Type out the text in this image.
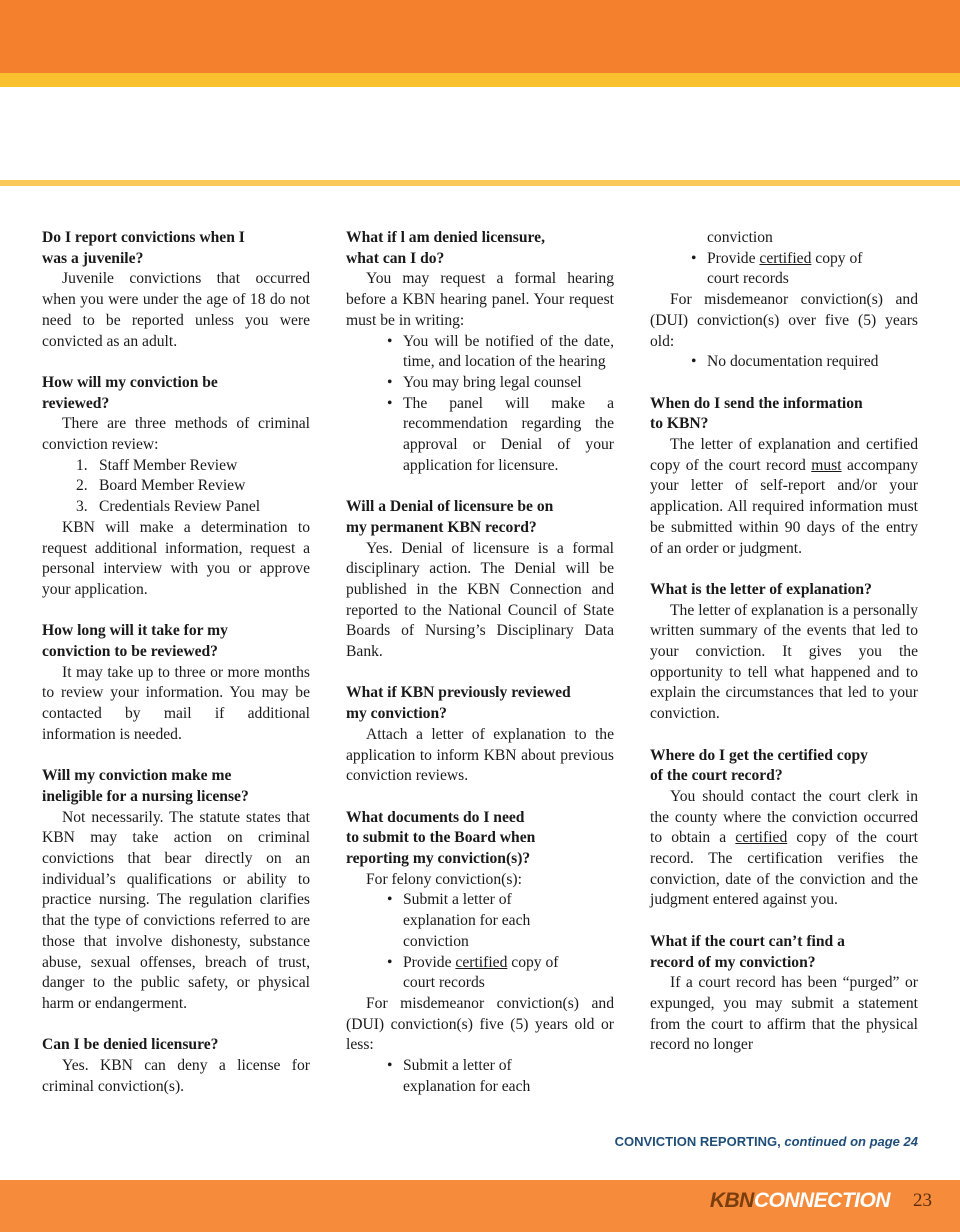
Do I report convictions when I
was a juvenile?

Juvenile convictions that occurred when you were under the age of 18 do not need to be reported unless you were convicted as an adult.

How will my conviction be
reviewed?

There are three methods of criminal conviction review:

1. Staff Member Review
2. Board Member Review
3. Credentials Review Panel

KBN will make a determination to request additional information, request a personal interview with you or approve your application.

How long will it take for my
conviction to be reviewed?

It may take up to three or more months to review your information. You may be contacted by mail if additional information is needed.

Will my conviction make me
ineligible for a nursing license?

Not necessarily. The statute states that KBN may take action on criminal convictions that bear directly on an individual’s qualifications or ability to practice nursing. The regulation clarifies that the type of convictions referred to are those that involve dishonesty, substance abuse, sexual offenses, breach of trust, danger to the public safety, or physical harm or endangerment.

Can I be denied licensure?

Yes. KBN can deny a license for criminal conviction(s).

What if l am denied licensure,
what can I do?

You may request a formal hearing before a KBN hearing panel. Your request must be in writing:

• You will be notified of the date, time, and location of the hearing
• You may bring legal counsel
• The panel will make a recommendation regarding the approval or Denial of your application for licensure.

Will a Denial of licensure be on
my permanent KBN record?

Yes. Denial of licensure is a formal disciplinary action. The Denial will be published in the KBN Connection and reported to the National Council of State Boards of Nursing’s Disciplinary Data Bank.

What if KBN previously reviewed
my conviction?

Attach a letter of explanation to the application to inform KBN about previous conviction reviews.

What documents do I need
to submit to the Board when
reporting my conviction(s)?

For felony conviction(s):

• Submit a letter of
explanation for each
conviction
• Provide certified copy of
court records

For misdemeanor conviction(s) and (DUI) conviction(s) five (5) years old or less:

• Submit a letter of
explanation for each

conviction

• Provide certified copy of
court records

For misdemeanor conviction(s) and (DUI) conviction(s) over five (5) years old:

• No documentation required

When do I send the information
to KBN?

The letter of explanation and certified copy of the court record must accompany your letter of self-report and/or your application. All required information must be submitted within 90 days of the entry of an order or judgment.

What is the letter of explanation?

The letter of explanation is a personally written summary of the events that led to your conviction. It gives you the opportunity to tell what happened and to explain the circumstances that led to your conviction.

Where do I get the certified copy
of the court record?

You should contact the court clerk in the county where the conviction occurred to obtain a certified copy of the court record. The certification verifies the conviction, date of the conviction and the judgment entered against you.

What if the court can’t find a
record of my conviction?

If a court record has been “purged” or expunged, you may submit a statement from the court to affirm that the physical record no longer

CONVICTION REPORTING, continued on page 24
KBNCONNECTION 23
